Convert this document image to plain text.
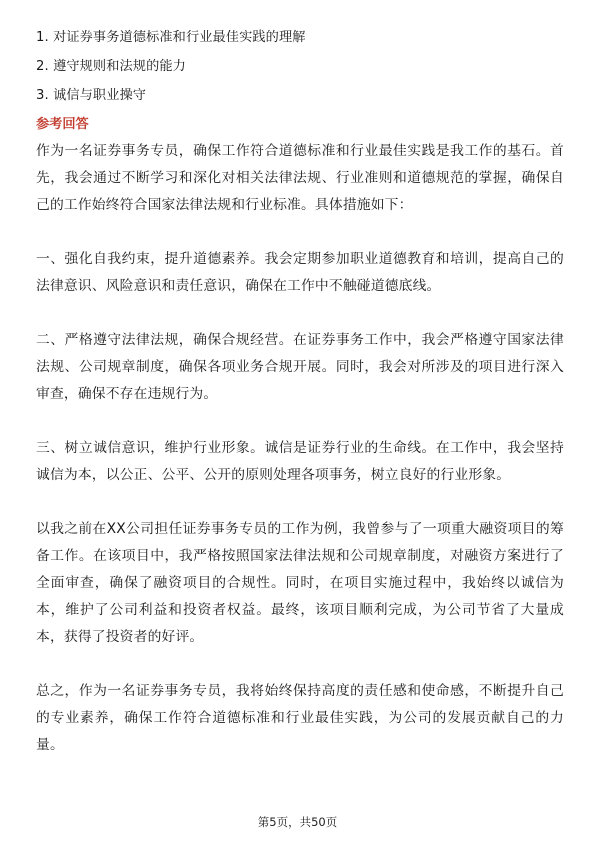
1. 对证券事务道德标准和行业最佳实践的理解
2. 遵守规则和法规的能力
3. 诚信与职业操守
参考回答

作为一名证券事务专员，确保工作符合道德标准和行业最佳实践是我工作的基石。首先，我会通过不断学习和深化对相关法律法规、行业准则和道德规范的掌握，确保自己的工作始终符合国家法律法规和行业标准。具体措施如下：

一、强化自我约束，提升道德素养。我会定期参加职业道德教育和培训，提高自己的法律意识、风险意识和责任意识，确保在工作中不触碰道德底线。

二、严格遵守法律法规，确保合规经营。在证券事务工作中，我会严格遵守国家法律法规、公司规章制度，确保各项业务合规开展。同时，我会对所涉及的项目进行深入审查，确保不存在违规行为。

三、树立诚信意识，维护行业形象。诚信是证券行业的生命线。在工作中，我会坚持诚信为本，以公正、公平、公开的原则处理各项事务，树立良好的行业形象。

以我之前在XX公司担任证券事务专员的工作为例，我曾参与了一项重大融资项目的筹备工作。在该项目中，我严格按照国家法律法规和公司规章制度，对融资方案进行了全面审查，确保了融资项目的合规性。同时，在项目实施过程中，我始终以诚信为本，维护了公司利益和投资者权益。最终，该项目顺利完成，为公司节省了大量成本，获得了投资者的好评。

总之，作为一名证券事务专员，我将始终保持高度的责任感和使命感，不断提升自己的专业素养，确保工作符合道德标准和行业最佳实践，为公司的发展贡献自己的力量。

第5页，共50页
